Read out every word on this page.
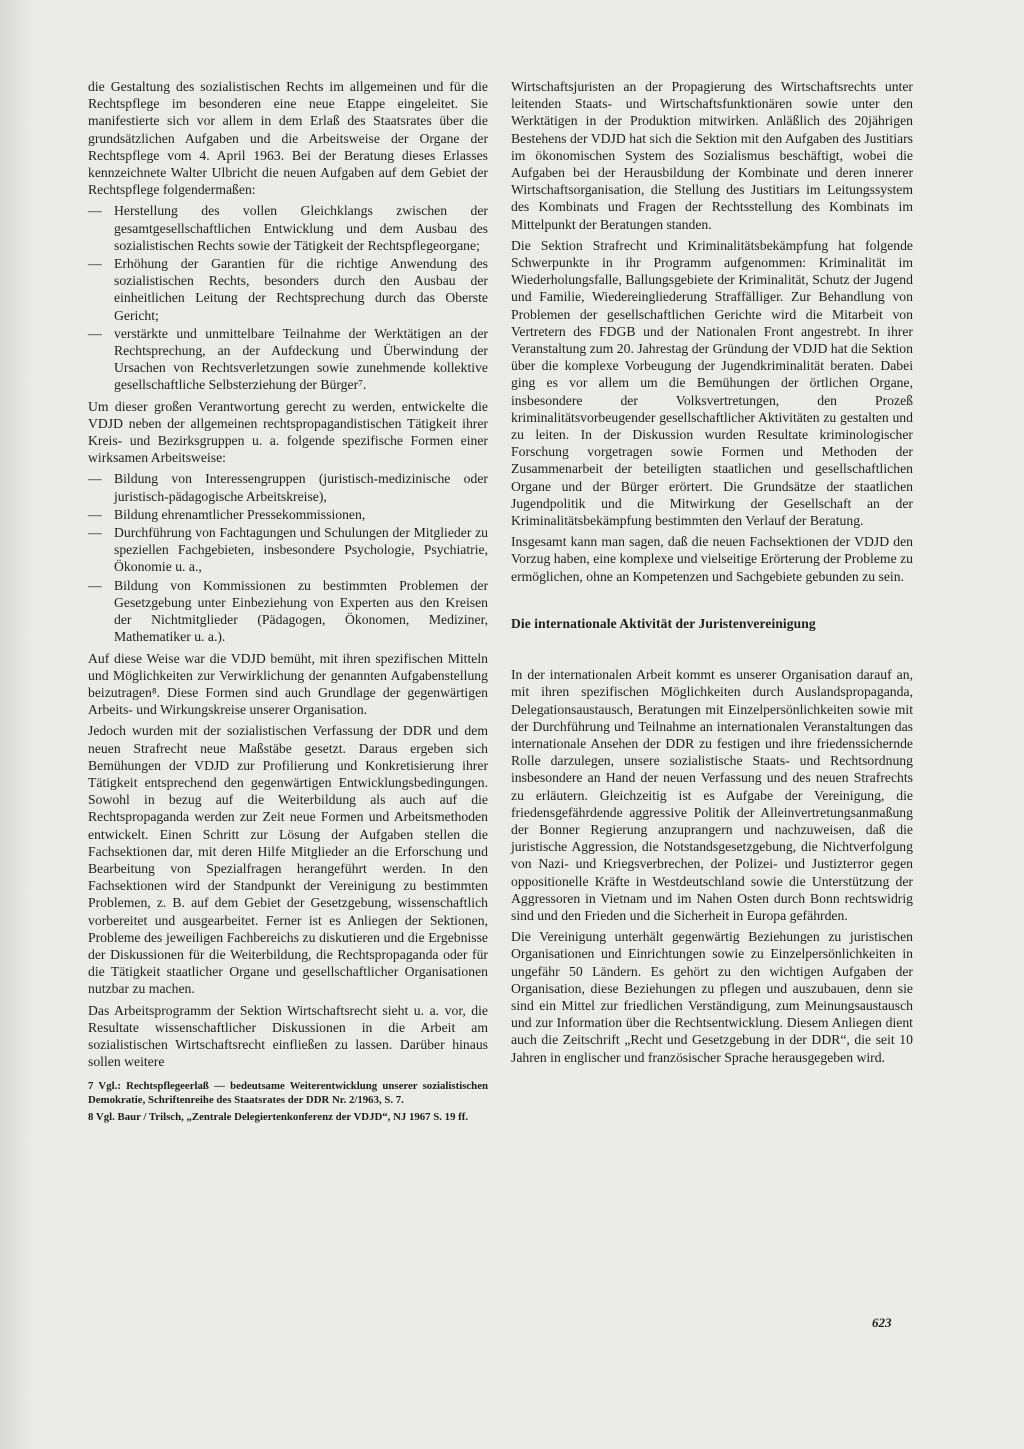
die Gestaltung des sozialistischen Rechts im allgemeinen und für die Rechtspflege im besonderen eine neue Etappe eingeleitet. Sie manifestierte sich vor allem in dem Erlaß des Staatsrates über die grundsätzlichen Aufgaben und die Arbeitsweise der Organe der Rechtspflege vom 4. April 1963. Bei der Beratung dieses Erlasses kennzeichnete Walter Ulbricht die neuen Aufgaben auf dem Gebiet der Rechtspflege folgendermaßen:

— Herstellung des vollen Gleichklangs zwischen der gesamtgesellschaftlichen Entwicklung und dem Ausbau des sozialistischen Rechts sowie der Tätigkeit der Rechtspflegeorgane;
— Erhöhung der Garantien für die richtige Anwendung des sozialistischen Rechts, besonders durch den Ausbau der einheitlichen Leitung der Rechtsprechung durch das Oberste Gericht;
— verstärkte und unmittelbare Teilnahme der Werktätigen an der Rechtsprechung, an der Aufdeckung und Überwindung der Ursachen von Rechtsverletzungen sowie zunehmende kollektive gesellschaftliche Selbsterziehung der Bürger⁷.

Um dieser großen Verantwortung gerecht zu werden, entwickelte die VDJD neben der allgemeinen rechtspropagandistischen Tätigkeit ihrer Kreis- und Bezirksgruppen u. a. folgende spezifische Formen einer wirksamen Arbeitsweise:

— Bildung von Interessengruppen (juristisch-medizinische oder juristisch-pädagogische Arbeitskreise),
— Bildung ehrenamtlicher Pressekommissionen,
— Durchführung von Fachtagungen und Schulungen der Mitglieder zu speziellen Fachgebieten, insbesondere Psychologie, Psychiatrie, Ökonomie u. a.,
— Bildung von Kommissionen zu bestimmten Problemen der Gesetzgebung unter Einbeziehung von Experten aus den Kreisen der Nichtmitglieder (Pädagogen, Ökonomen, Mediziner, Mathematiker u. a.).

Auf diese Weise war die VDJD bemüht, mit ihren spezifischen Mitteln und Möglichkeiten zur Verwirklichung der genannten Aufgabenstellung beizutragen⁸. Diese Formen sind auch Grundlage der gegenwärtigen Arbeits- und Wirkungskreise unserer Organisation.

Jedoch wurden mit der sozialistischen Verfassung der DDR und dem neuen Strafrecht neue Maßstäbe gesetzt. Daraus ergeben sich Bemühungen der VDJD zur Profilierung und Konkretisierung ihrer Tätigkeit entsprechend den gegenwärtigen Entwicklungsbedingungen. Sowohl in bezug auf die Weiterbildung als auch auf die Rechtspropaganda werden zur Zeit neue Formen und Arbeitsmethoden entwickelt. Einen Schritt zur Lösung der Aufgaben stellen die Fachsektionen dar, mit deren Hilfe Mitglieder an die Erforschung und Bearbeitung von Spezialfragen herangeführt werden. In den Fachsektionen wird der Standpunkt der Vereinigung zu bestimmten Problemen, z. B. auf dem Gebiet der Gesetzgebung, wissenschaftlich vorbereitet und ausgearbeitet. Ferner ist es Anliegen der Sektionen, Probleme des jeweiligen Fachbereichs zu diskutieren und die Ergebnisse der Diskussionen für die Weiterbildung, die Rechtspropaganda oder für die Tätigkeit staatlicher Organe und gesellschaftlicher Organisationen nutzbar zu machen.

Das Arbeitsprogramm der Sektion Wirtschaftsrecht sieht u. a. vor, die Resultate wissenschaftlicher Diskussionen in die Arbeit am sozialistischen Wirtschaftsrecht einfließen zu lassen. Darüber hinaus sollen weitere

7 Vgl.: Rechtspflegeerlaß — bedeutsame Weiterentwicklung unserer sozialistischen Demokratie, Schriftenreihe des Staatsrates der DDR Nr. 2/1963, S. 7.

8 Vgl. Baur / Trilsch, „Zentrale Delegiertenkonferenz der VDJD“, NJ 1967 S. 19 ff.

Wirtschaftsjuristen an der Propagierung des Wirtschaftsrechts unter leitenden Staats- und Wirtschaftsfunktionären sowie unter den Werktätigen in der Produktion mitwirken. Anläßlich des 20jährigen Bestehens der VDJD hat sich die Sektion mit den Aufgaben des Justitiars im ökonomischen System des Sozialismus beschäftigt, wobei die Aufgaben bei der Herausbildung der Kombinate und deren innerer Wirtschaftsorganisation, die Stellung des Justitiars im Leitungssystem des Kombinats und Fragen der Rechtsstellung des Kombinats im Mittelpunkt der Beratungen standen.

Die Sektion Strafrecht und Kriminalitätsbekämpfung hat folgende Schwerpunkte in ihr Programm aufgenommen: Kriminalität im Wiederholungsfalle, Ballungsgebiete der Kriminalität, Schutz der Jugend und Familie, Wiedereingliederung Straffälliger. Zur Behandlung von Problemen der gesellschaftlichen Gerichte wird die Mitarbeit von Vertretern des FDGB und der Nationalen Front angestrebt. In ihrer Veranstaltung zum 20. Jahrestag der Gründung der VDJD hat die Sektion über die komplexe Vorbeugung der Jugendkriminalität beraten. Dabei ging es vor allem um die Bemühungen der örtlichen Organe, insbesondere der Volksvertretungen, den Prozeß kriminalitätsvorbeugender gesellschaftlicher Aktivitäten zu gestalten und zu leiten. In der Diskussion wurden Resultate kriminologischer Forschung vorgetragen sowie Formen und Methoden der Zusammenarbeit der beteiligten staatlichen und gesellschaftlichen Organe und der Bürger erörtert. Die Grundsätze der staatlichen Jugendpolitik und die Mitwirkung der Gesellschaft an der Kriminalitätsbekämpfung bestimmten den Verlauf der Beratung.

Insgesamt kann man sagen, daß die neuen Fachsektionen der VDJD den Vorzug haben, eine komplexe und vielseitige Erörterung der Probleme zu ermöglichen, ohne an Kompetenzen und Sachgebiete gebunden zu sein.

Die internationale Aktivität der Juristenvereinigung

In der internationalen Arbeit kommt es unserer Organisation darauf an, mit ihren spezifischen Möglichkeiten durch Auslandspropaganda, Delegationsaustausch, Beratungen mit Einzelpersönlichkeiten sowie mit der Durchführung und Teilnahme an internationalen Veranstaltungen das internationale Ansehen der DDR zu festigen und ihre friedenssichernde Rolle darzulegen, unsere sozialistische Staats- und Rechtsordnung insbesondere an Hand der neuen Verfassung und des neuen Strafrechts zu erläutern. Gleichzeitig ist es Aufgabe der Vereinigung, die friedensgefährdende aggressive Politik der Alleinvertretungsanmaßung der Bonner Regierung anzuprangern und nachzuweisen, daß die juristische Aggression, die Notstandsgesetzgebung, die Nichtverfolgung von Nazi- und Kriegsverbrechen, der Polizei- und Justizterror gegen oppositionelle Kräfte in Westdeutschland sowie die Unterstützung der Aggressoren in Vietnam und im Nahen Osten durch Bonn rechtswidrig sind und den Frieden und die Sicherheit in Europa gefährden.

Die Vereinigung unterhält gegenwärtig Beziehungen zu juristischen Organisationen und Einrichtungen sowie zu Einzelpersönlichkeiten in ungefähr 50 Ländern. Es gehört zu den wichtigen Aufgaben der Organisation, diese Beziehungen zu pflegen und auszubauen, denn sie sind ein Mittel zur friedlichen Verständigung, zum Meinungsaustausch und zur Information über die Rechtsentwicklung. Diesem Anliegen dient auch die Zeitschrift „Recht und Gesetzgebung in der DDR“, die seit 10 Jahren in englischer und französischer Sprache herausgegeben wird.

623
